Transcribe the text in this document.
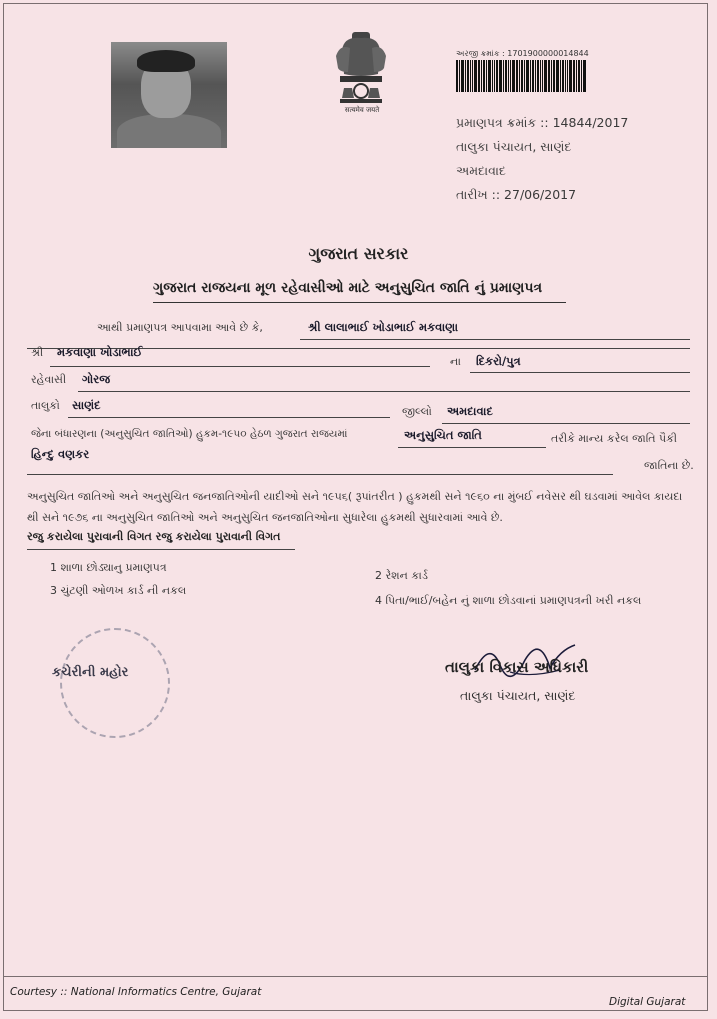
सत्यमेव जयते
અરજી ક્રમાંક : 1701900000014844
પ્રમાણપત્ર ક્રમાંક :: 14844/2017
તાલુકા પંચાયત, સાણંદ
અમદાવાદ
તારીખ :: 27/06/2017
ગુજરાત સરકાર
ગુજરાત રાજયના મૂળ રહેવાસીઓ માટે અનુસુચિત જાતિ નું પ્રમાણપત્ર
આથી પ્રમાણપત્ર આપવામા આવે છે કે,	શ્રી લાલાભાઈ ખોડાભાઈ મકવાણા
શ્રી મકવાણા ખોડાભાઈ
ના દિકરો/પુત્ર
રહેવાસી ગોરજ
તાલુકો સાણંદ	જીલ્લો અમદાવાદ
જેના બંધારણના (અનુસુચિત જાતિઓ) હુકમ-૧૯૫૦ હેઠળ ગુજરાત રાજયમાં	અનુસુચિત જાતિ	તરીકે માન્ય કરેલ જાતિ પૈકી
હિન્દુ વણકર
જાતિના છે.
અનુસુચિત જાતિઓ અને અનુસુચિત જનજાતિઓની યાદીઓ સને ૧૯૫૬( રૂપાંતરીત ) હુકમથી સને ૧૯૬૦ ના મુંબઈ નવેસર થી ઘડવામાં આવેલ કાયદા થી સને ૧૯૭૬ ના અનુસુચિત જાતિઓ અને અનુસુચિત જનજાતિઓના સુધારેલા હુકમથી સુધારવામાં આવે છે.
રજુ કરાયેલા પુરાવાની વિગત રજુ કરાયેલા પુરાવાની વિગત
1 શાળા છોડ્યાનુ પ્રમાણપત્ર
2 રેશન કાર્ડ
3 ચુંટણી ઓળખ કાર્ડ ની નકલ
4 પિતા/ભાઈ/બહેન નું શાળા છોડવાનાં પ્રમાણપત્રની ખરી નકલ
કચેરીની મહોર	તાલુકા વિકાસ અધિકારી
તાલુકા પંચાયત, સાણંદ
Courtesy :: National Informatics Centre, Gujarat
Digital Gujarat
